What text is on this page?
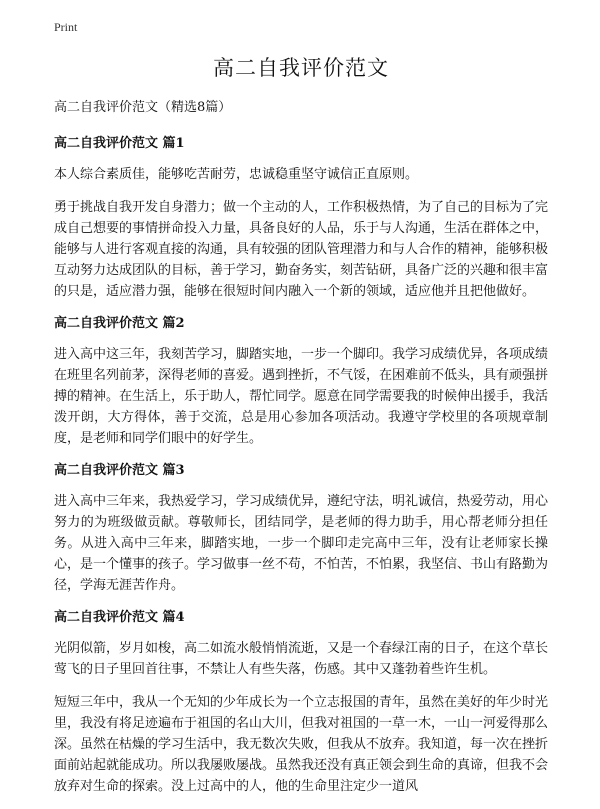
Print
高二自我评价范文

高二自我评价范文（精选8篇）

高二自我评价范文 篇1

本人综合素质佳，能够吃苦耐劳，忠诚稳重坚守诚信正直原则。

勇于挑战自我开发自身潜力；做一个主动的人，工作积极热情，为了自己的目标为了完成自己想要的事情拼命投入力量，具备良好的人品，乐于与人沟通，生活在群体之中，能够与人进行客观直接的沟通，具有较强的团队管理潜力和与人合作的精神，能够积极互动努力达成团队的目标，善于学习，勤奋务实，刻苦钻研，具备广泛的兴趣和很丰富的只是，适应潜力强，能够在很短时间内融入一个新的领域，适应他并且把他做好。

高二自我评价范文 篇2

进入高中这三年，我刻苦学习，脚踏实地，一步一个脚印。我学习成绩优异，各项成绩在班里名列前茅，深得老师的喜爱。遇到挫折，不气馁，在困难前不低头，具有顽强拼搏的精神。在生活上，乐于助人，帮忙同学。愿意在同学需要我的时候伸出援手，我活泼开朗，大方得体，善于交流，总是用心参加各项活动。我遵守学校里的各项规章制度，是老师和同学们眼中的好学生。

高二自我评价范文 篇3

进入高中三年来，我热爱学习，学习成绩优异，遵纪守法，明礼诚信，热爱劳动，用心努力的为班级做贡献。尊敬师长，团结同学，是老师的得力助手，用心帮老师分担任务。从进入高中三年来，脚踏实地，一步一个脚印走完高中三年，没有让老师家长操心，是一个懂事的孩子。学习做事一丝不苟，不怕苦，不怕累，我坚信、书山有路勤为径，学海无涯苦作舟。

高二自我评价范文 篇4

光阴似箭，岁月如梭，高二如流水般悄悄流逝，又是一个春绿江南的日子，在这个草长莺飞的日子里回首往事，不禁让人有些失落，伤感。其中又蓬勃着些许生机。

短短三年中，我从一个无知的少年成长为一个立志报国的青年，虽然在美好的年少时光里，我没有将足迹遍布于祖国的名山大川，但我对祖国的一草一木，一山一河爱得那么深。虽然在枯燥的学习生活中，我无数次失败，但我从不放弃。我知道，每一次在挫折面前站起就能成功。所以我屡败屡战。虽然我还没有真正领会到生命的真谛，但我不会放弃对生命的探索。没上过高中的人，他的生命里注定少一道风
